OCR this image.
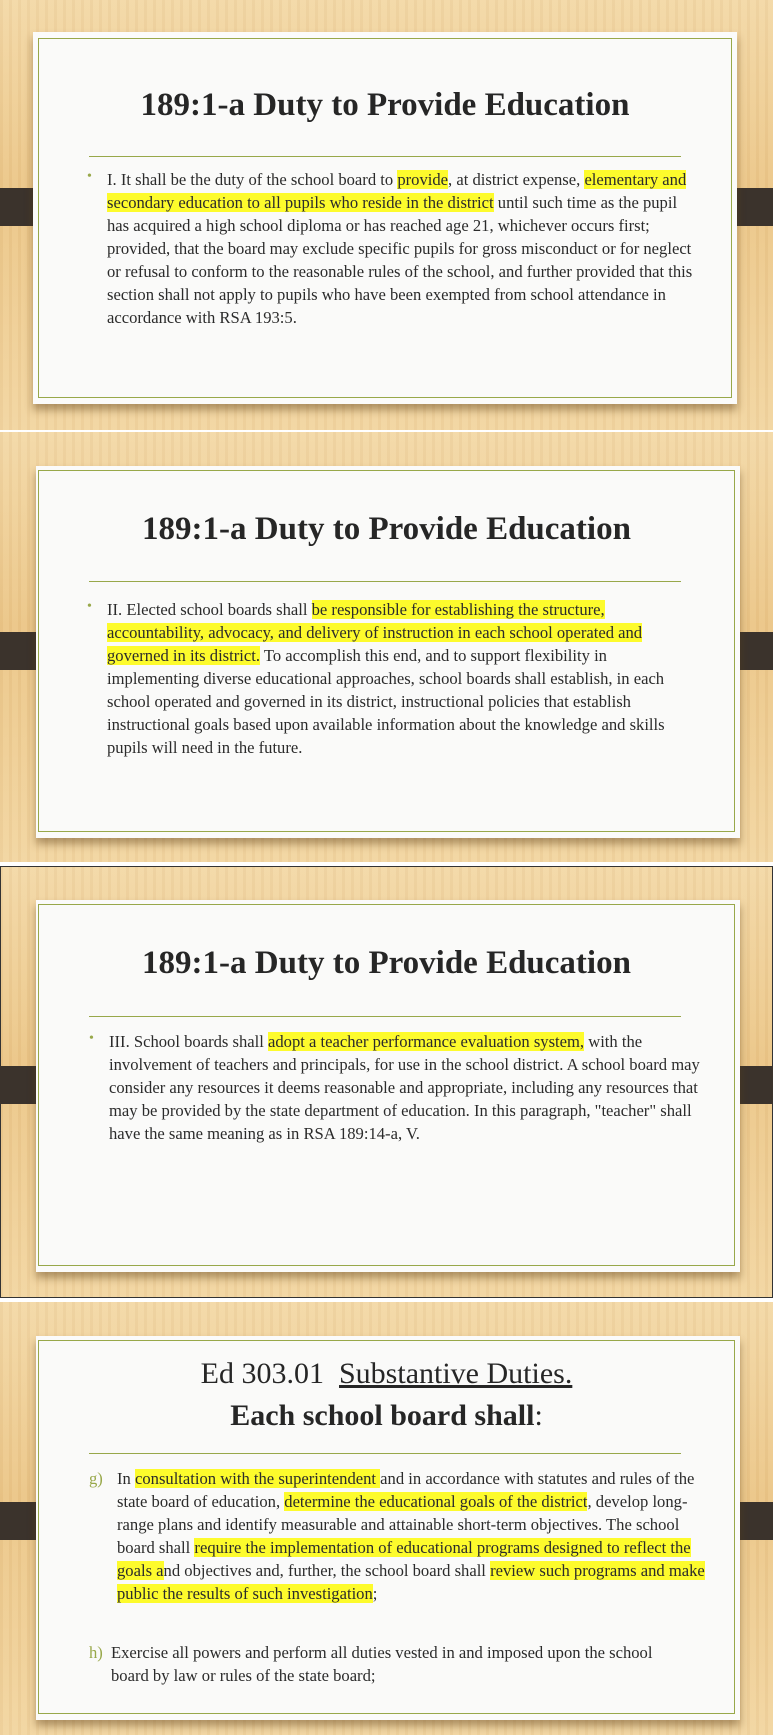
189:1-a Duty to Provide Education
• I. It shall be the duty of the school board to provide, at district expense, elementary and secondary education to all pupils who reside in the district until such time as the pupil has acquired a high school diploma or has reached age 21, whichever occurs first; provided, that the board may exclude specific pupils for gross misconduct or for neglect or refusal to conform to the reasonable rules of the school, and further provided that this section shall not apply to pupils who have been exempted from school attendance in accordance with RSA 193:5.
189:1-a Duty to Provide Education
• II. Elected school boards shall be responsible for establishing the structure, accountability, advocacy, and delivery of instruction in each school operated and governed in its district. To accomplish this end, and to support flexibility in implementing diverse educational approaches, school boards shall establish, in each school operated and governed in its district, instructional policies that establish instructional goals based upon available information about the knowledge and skills pupils will need in the future.
189:1-a Duty to Provide Education
• III. School boards shall adopt a teacher performance evaluation system, with the involvement of teachers and principals, for use in the school district. A school board may consider any resources it deems reasonable and appropriate, including any resources that may be provided by the state department of education. In this paragraph, "teacher" shall have the same meaning as in RSA 189:14-a, V.
Ed 303.01 Substantive Duties.
Each school board shall:
g) In consultation with the superintendent and in accordance with statutes and rules of the state board of education, determine the educational goals of the district, develop long-range plans and identify measurable and attainable short-term objectives. The school board shall require the implementation of educational programs designed to reflect the goals and objectives and, further, the school board shall review such programs and make public the results of such investigation;
h) Exercise all powers and perform all duties vested in and imposed upon the school board by law or rules of the state board;
